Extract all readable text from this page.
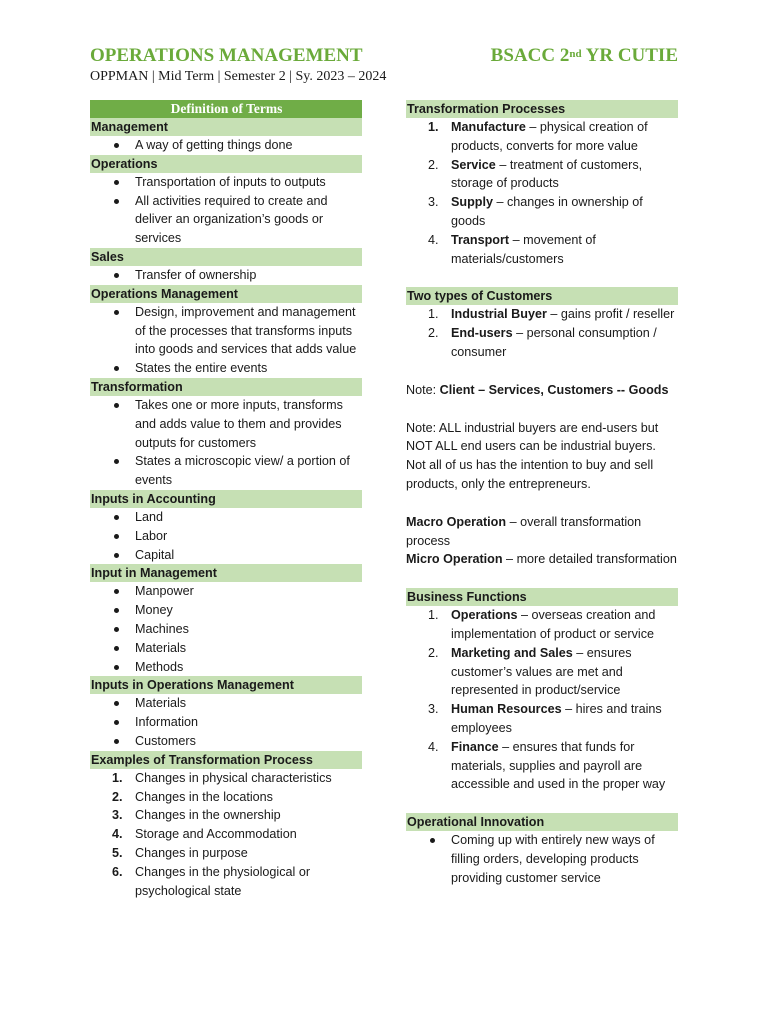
OPERATIONS MANAGEMENT	BSACC 2nd YR CUTIE
OPPMAN | Mid Term | Semester 2 | Sy. 2023 – 2024
Definition of Terms
Management
A way of getting things done
Operations
Transportation of inputs to outputs
All activities required to create and deliver an organization’s goods or services
Sales
Transfer of ownership
Operations Management
Design, improvement and management of the processes that transforms inputs into goods and services that adds value
States the entire events
Transformation
Takes one or more inputs, transforms and adds value to them and provides outputs for customers
States a microscopic view/ a portion of events
Inputs in Accounting
Land
Labor
Capital
Input in Management
Manpower
Money
Machines
Materials
Methods
Inputs in Operations Management
Materials
Information
Customers
Examples of Transformation Process
1. Changes in physical characteristics
2. Changes in the locations
3. Changes in the ownership
4. Storage and Accommodation
5. Changes in purpose
6. Changes in the physiological or psychological state
Transformation Processes
1. Manufacture – physical creation of products, converts for more value
2. Service – treatment of customers, storage of products
3. Supply – changes in ownership of goods
4. Transport – movement of materials/customers
Two types of Customers
1. Industrial Buyer – gains profit / reseller
2. End-users – personal consumption / consumer
Note: Client – Services, Customers -- Goods
Note: ALL industrial buyers are end-users but NOT ALL end users can be industrial buyers. Not all of us has the intention to buy and sell products, only the entrepreneurs.
Macro Operation – overall transformation process
Micro Operation – more detailed transformation
Business Functions
1. Operations – overseas creation and implementation of product or service
2. Marketing and Sales – ensures customer’s values are met and represented in product/service
3. Human Resources – hires and trains employees
4. Finance – ensures that funds for materials, supplies and payroll are accessible and used in the proper way
Operational Innovation
Coming up with entirely new ways of filling orders, developing products providing customer service
